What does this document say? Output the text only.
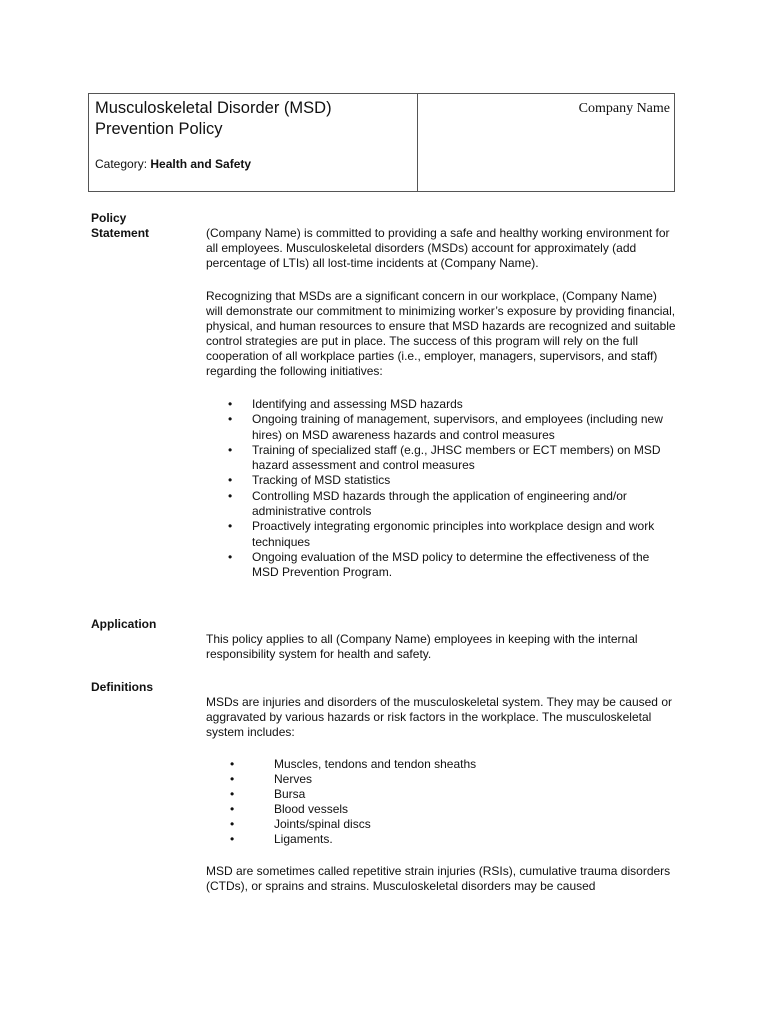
Musculoskeletal Disorder (MSD)
Prevention Policy
Category: Health and Safety
Company Name
Policy
Statement	(Company Name) is committed to providing a safe and healthy working environment for all employees. Musculoskeletal disorders (MSDs) account for approximately (add percentage of LTIs) all lost-time incidents at (Company Name).

Recognizing that MSDs are a significant concern in our workplace, (Company Name) will demonstrate our commitment to minimizing worker’s exposure by providing financial, physical, and human resources to ensure that MSD hazards are recognized and suitable control strategies are put in place. The success of this program will rely on the full cooperation of all workplace parties (i.e., employer, managers, supervisors, and staff) regarding the following initiatives:

• Identifying and assessing MSD hazards
• Ongoing training of management, supervisors, and employees (including new hires) on MSD awareness hazards and control measures
• Training of specialized staff (e.g., JHSC members or ECT members) on MSD hazard assessment and control measures
• Tracking of MSD statistics
• Controlling MSD hazards through the application of engineering and/or administrative controls
• Proactively integrating ergonomic principles into workplace design and work techniques
• Ongoing evaluation of the MSD policy to determine the effectiveness of the MSD Prevention Program.
Application

This policy applies to all (Company Name) employees in keeping with the internal responsibility system for health and safety.

Definitions

MSDs are injuries and disorders of the musculoskeletal system. They may be caused or aggravated by various hazards or risk factors in the workplace. The musculoskeletal system includes:

•	Muscles, tendons and tendon sheaths
•	Nerves
•	Bursa
•	Blood vessels
•	Joints/spinal discs
•	Ligaments.

MSD are sometimes called repetitive strain injuries (RSIs), cumulative trauma disorders (CTDs), or sprains and strains. Musculoskeletal disorders may be caused
